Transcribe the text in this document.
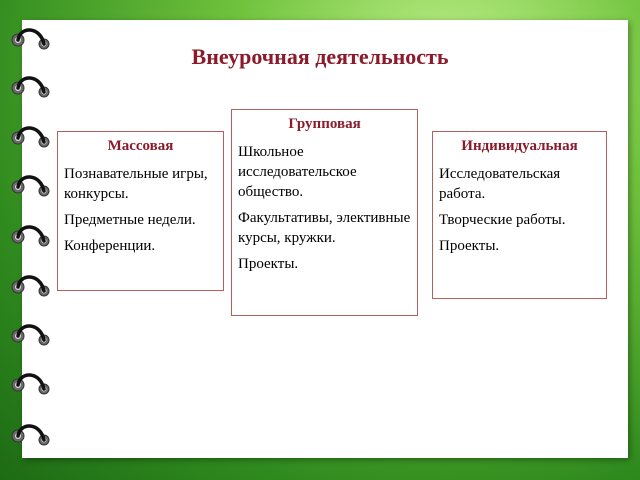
Внеурочная деятельность
Массовая

Познавательные игры, конкурсы.

Предметные недели.

Конференции.

Групповая

Школьное исследовательское общество.

Факультативы, элективные курсы, кружки.

Проекты.

Индивидуальная

Исследовательская работа.

Творческие работы.

Проекты.
